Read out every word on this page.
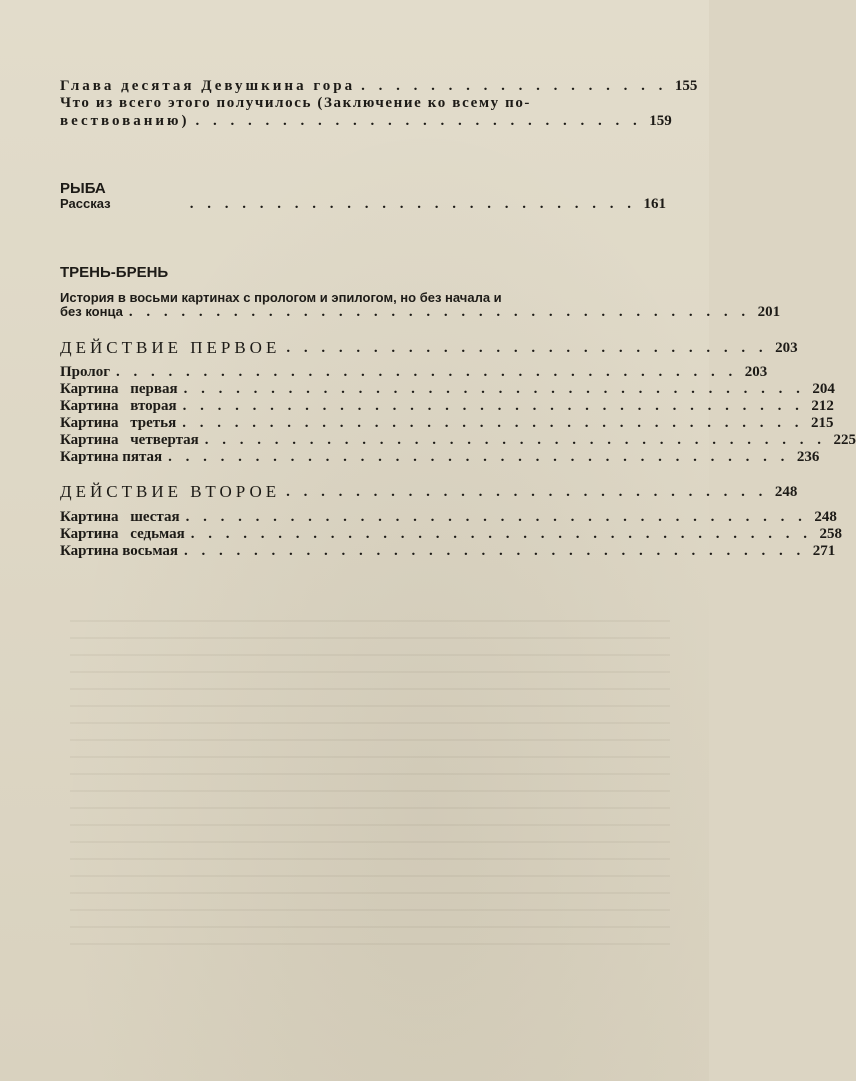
Глава десятая Девушкина гора . . . . . . . . . . . . . . . . . . 155
Что из всего этого получилось (Заключение ко всему по-
вествованию) . . . . . . . . . . . . . . . . . . . . . . . . . . 159
РЫБА
Рассказ	. . . . . . . . . . . . . . . . . . . . . . . . . . 161
ТРЕНЬ-БРЕНЬ
История в восьми картинах с прологом и эпилогом, но без начала и
без конца . . . . . . . . . . . . . . . . . . . . . . . . . . . . . . . . . . . . 201
ДЕЙСТВИЕ ПЕРВОЕ . . . . . . . . . . . . . . . . . . . . . . . . . . . . 203
Пролог . . . . . . . . . . . . . . . . . . . . . . . . . . . . . . . . . . . . 203
Картина первая . . . . . . . . . . . . . . . . . . . . . . . . . . . . . . . . . . . . 204
Картина вторая . . . . . . . . . . . . . . . . . . . . . . . . . . . . . . . . . . . . 212
Картина третья . . . . . . . . . . . . . . . . . . . . . . . . . . . . . . . . . . . . 215
Картина четвертая . . . . . . . . . . . . . . . . . . . . . . . . . . . . . . . . . . . . 225
Картина пятая . . . . . . . . . . . . . . . . . . . . . . . . . . . . . . . . . . . . 236
ДЕЙСТВИЕ ВТОРОЕ . . . . . . . . . . . . . . . . . . . . . . . . . . . . 248
Картина шестая . . . . . . . . . . . . . . . . . . . . . . . . . . . . . . . . . . . . 248
Картина седьмая . . . . . . . . . . . . . . . . . . . . . . . . . . . . . . . . . . . . 258
Картина восьмая . . . . . . . . . . . . . . . . . . . . . . . . . . . . . . . . . . . . 271
